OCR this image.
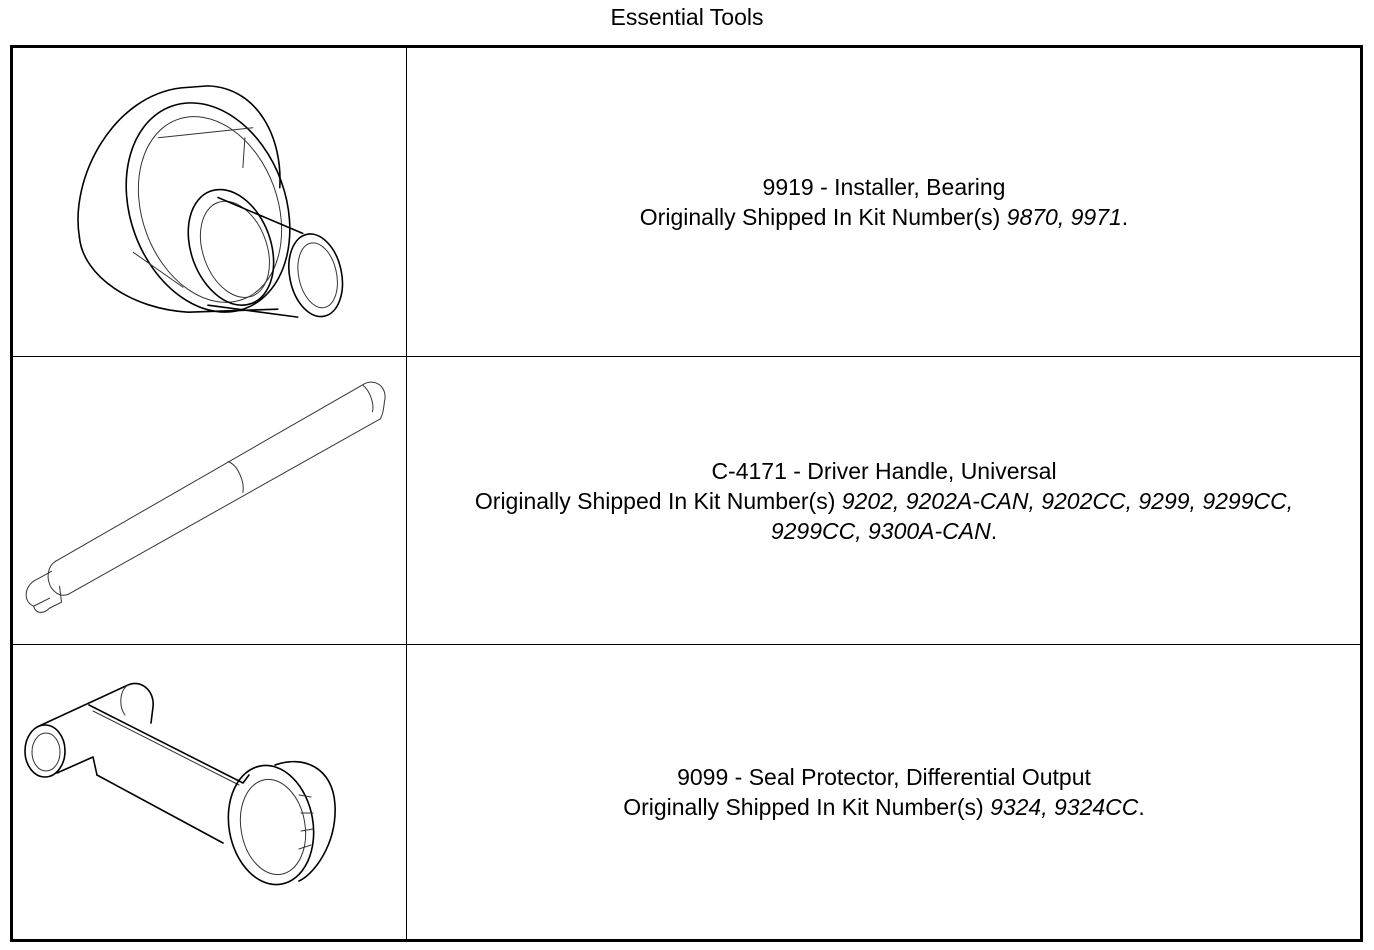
Essential Tools
9919 - Installer, Bearing
Originally Shipped In Kit Number(s) 9870, 9971.
C-4171 - Driver Handle, Universal
Originally Shipped In Kit Number(s) 9202, 9202A-CAN, 9202CC, 9299, 9299CC,
9299CC, 9300A-CAN.
9099 - Seal Protector, Differential Output
Originally Shipped In Kit Number(s) 9324, 9324CC.
